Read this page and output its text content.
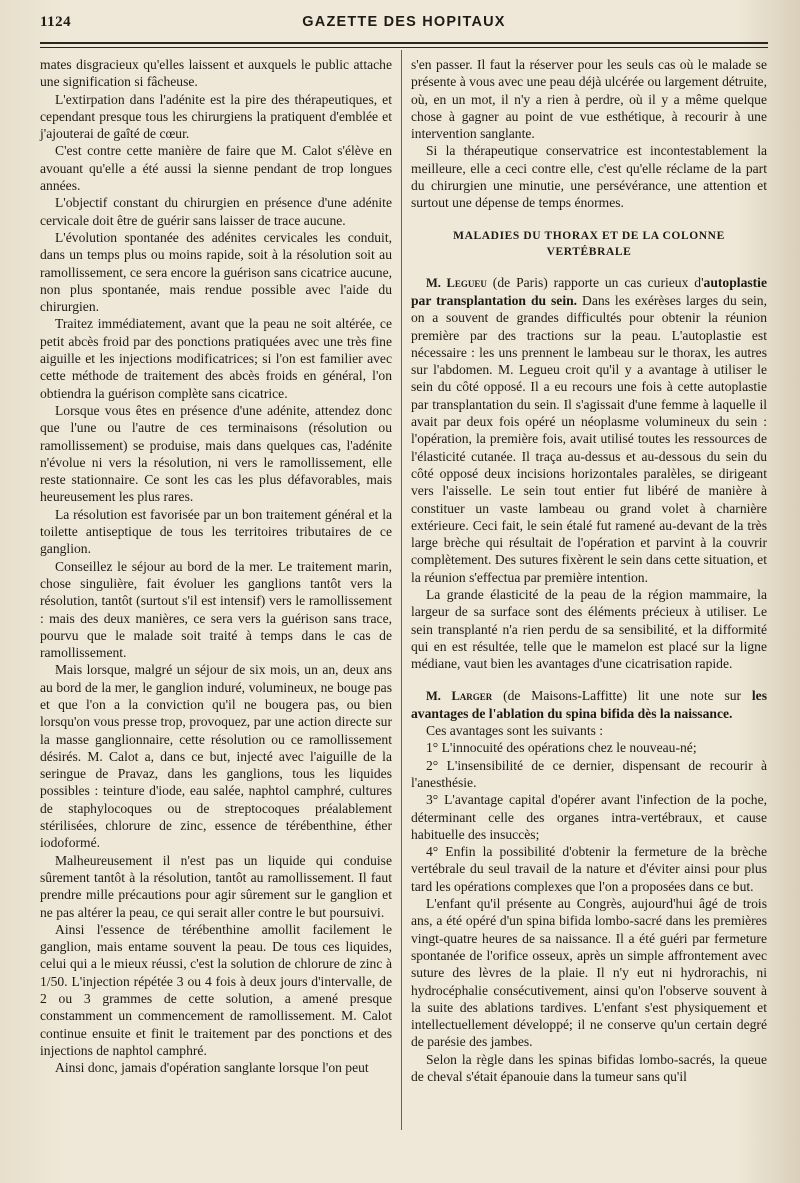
1124	GAZETTE DES HOPITAUX

mates disgracieux qu'elles laissent et auxquels le public attache une signification si fâcheuse.

L'extirpation dans l'adénite est la pire des thérapeutiques, et cependant presque tous les chirurgiens la pratiquent d'emblée et j'ajouterai de gaîté de cœur.

C'est contre cette manière de faire que M. Calot s'élève en avouant qu'elle a été aussi la sienne pendant de trop longues années.

L'objectif constant du chirurgien en présence d'une adénite cervicale doit être de guérir sans laisser de trace aucune.

L'évolution spontanée des adénites cervicales les conduit, dans un temps plus ou moins rapide, soit à la résolution soit au ramollissement, ce sera encore la guérison sans cicatrice aucune, non plus spontanée, mais rendue possible avec l'aide du chirurgien.

Traitez immédiatement, avant que la peau ne soit altérée, ce petit abcès froid par des ponctions pratiquées avec une très fine aiguille et les injections modificatrices; si l'on est familier avec cette méthode de traitement des abcès froids en général, l'on obtiendra la guérison complète sans cicatrice.

Lorsque vous êtes en présence d'une adénite, attendez donc que l'une ou l'autre de ces terminaisons (résolution ou ramollissement) se produise, mais dans quelques cas, l'adénite n'évolue ni vers la résolution, ni vers le ramollissement, elle reste stationnaire. Ce sont les cas les plus défavorables, mais heureusement les plus rares.

La résolution est favorisée par un bon traitement général et la toilette antiseptique de tous les territoires tributaires de ce ganglion.

Conseillez le séjour au bord de la mer. Le traitement marin, chose singulière, fait évoluer les ganglions tantôt vers la résolution, tantôt (surtout s'il est intensif) vers le ramollissement : mais des deux manières, ce sera vers la guérison sans trace, pourvu que le malade soit traité à temps dans le cas de ramollissement.

Mais lorsque, malgré un séjour de six mois, un an, deux ans au bord de la mer, le ganglion induré, volumineux, ne bouge pas et que l'on a la conviction qu'il ne bougera pas, ou bien lorsqu'on vous presse trop, provoquez, par une action directe sur la masse ganglionnaire, cette résolution ou ce ramollissement désirés. M. Calot a, dans ce but, injecté avec l'aiguille de la seringue de Pravaz, dans les ganglions, tous les liquides possibles : teinture d'iode, eau salée, naphtol camphré, cultures de staphylocoques ou de streptocoques préalablement stérilisées, chlorure de zinc, essence de térébenthine, éther iodoformé.

Malheureusement il n'est pas un liquide qui conduise sûrement tantôt à la résolution, tantôt au ramollissement. Il faut prendre mille précautions pour agir sûrement sur le ganglion et ne pas altérer la peau, ce qui serait aller contre le but poursuivi.

Ainsi l'essence de térébenthine amollit facilement le ganglion, mais entame souvent la peau. De tous ces liquides, celui qui a le mieux réussi, c'est la solution de chlorure de zinc à 1/50. L'injection répétée 3 ou 4 fois à deux jours d'intervalle, de 2 ou 3 grammes de cette solution, a amené presque constamment un commencement de ramollissement. M. Calot continue ensuite et finit le traitement par des ponctions et des injections de naphtol camphré.

Ainsi donc, jamais d'opération sanglante lorsque l'on peut

s'en passer. Il faut la réserver pour les seuls cas où le malade se présente à vous avec une peau déjà ulcérée ou largement détruite, où, en un mot, il n'y a rien à perdre, où il y a même quelque chose à gagner au point de vue esthétique, à recourir à une intervention sanglante.

Si la thérapeutique conservatrice est incontestablement la meilleure, elle a ceci contre elle, c'est qu'elle réclame de la part du chirurgien une minutie, une persévérance, une attention et surtout une dépense de temps énormes.

MALADIES DU THORAX ET DE LA COLONNE VERTÉBRALE

M. Legueu (de Paris) rapporte un cas curieux d'autoplastie par transplantation du sein. Dans les exérèses larges du sein, on a souvent de grandes difficultés pour obtenir la réunion première par des tractions sur la peau. L'autoplastie est nécessaire : les uns prennent le lambeau sur le thorax, les autres sur l'abdomen. M. Legueu croit qu'il y a avantage à utiliser le sein du côté opposé. Il a eu recours une fois à cette autoplastie par transplantation du sein. Il s'agissait d'une femme à laquelle il avait par deux fois opéré un néoplasme volumineux du sein : l'opération, la première fois, avait utilisé toutes les ressources de l'élasticité cutanée. Il traça au-dessus et au-dessous du sein du côté opposé deux incisions horizontales paralèles, se dirigeant vers l'aisselle. Le sein tout entier fut libéré de manière à constituer un vaste lambeau ou grand volet à charnière extérieure. Ceci fait, le sein étalé fut ramené au-devant de la très large brèche qui résultait de l'opération et parvint à la couvrir complètement. Des sutures fixèrent le sein dans cette situation, et la réunion s'effectua par première intention.

La grande élasticité de la peau de la région mammaire, la largeur de sa surface sont des éléments précieux à utiliser. Le sein transplanté n'a rien perdu de sa sensibilité, et la difformité qui en est résultée, telle que le mamelon est placé sur la ligne médiane, vaut bien les avantages d'une cicatrisation rapide.

M. Larger (de Maisons-Laffitte) lit une note sur les avantages de l'ablation du spina bifida dès la naissance.

Ces avantages sont les suivants :

1° L'innocuité des opérations chez le nouveau-né;

2° L'insensibilité de ce dernier, dispensant de recourir à l'anesthésie.

3° L'avantage capital d'opérer avant l'infection de la poche, déterminant celle des organes intra-vertébraux, et cause habituelle des insuccès;

4° Enfin la possibilité d'obtenir la fermeture de la brèche vertébrale du seul travail de la nature et d'éviter ainsi pour plus tard les opérations complexes que l'on a proposées dans ce but.

L'enfant qu'il présente au Congrès, aujourd'hui âgé de trois ans, a été opéré d'un spina bifida lombo-sacré dans les premières vingt-quatre heures de sa naissance. Il a été guéri par fermeture spontanée de l'orifice osseux, après un simple affrontement avec suture des lèvres de la plaie. Il n'y eut ni hydrorachis, ni hydrocéphalie consécutivement, ainsi qu'on l'observe souvent à la suite des ablations tardives. L'enfant s'est physiquement et intellectuellement développé; il ne conserve qu'un certain degré de parésie des jambes.

Selon la règle dans les spinas bifidas lombo-sacrés, la queue de cheval s'était épanouie dans la tumeur sans qu'il
